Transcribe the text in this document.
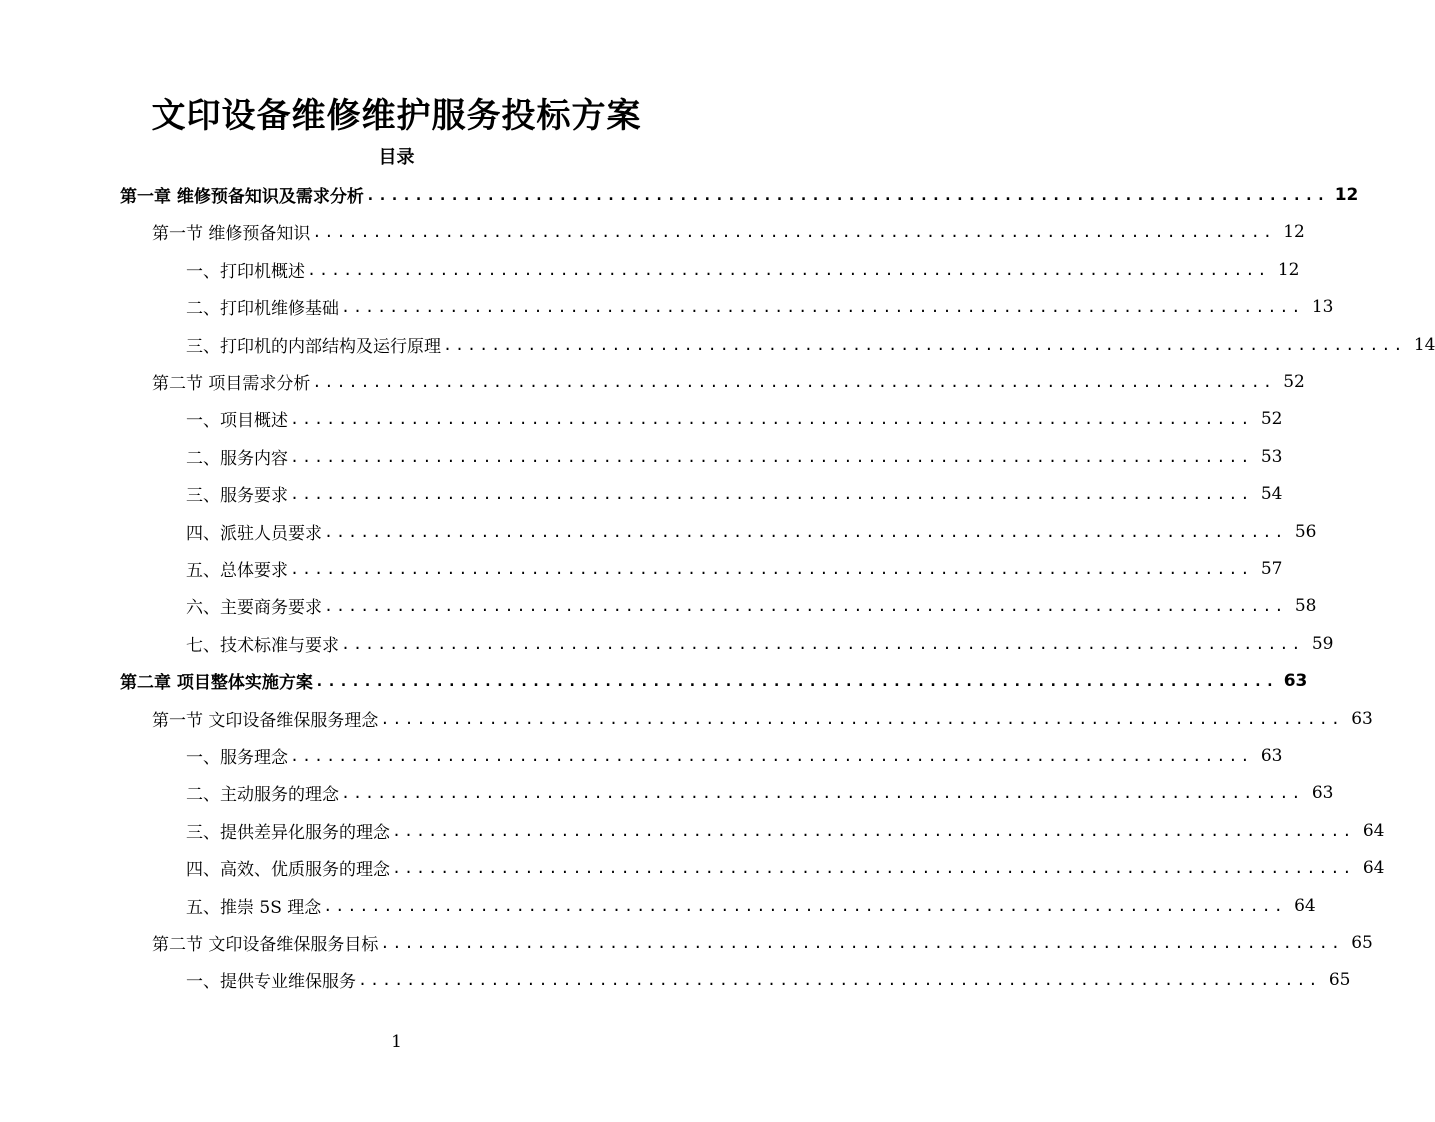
文印设备维修维护服务投标方案
目录
第一章 维修预备知识及需求分析 ................................................................................ 12
第一节 维修预备知识 ................................................................................ 12
一、打印机概述 ................................................................................ 12
二、打印机维修基础 ................................................................................ 13
三、打印机的内部结构及运行原理 ................................................................................ 14
第二节 项目需求分析 ................................................................................ 52
一、项目概述 ................................................................................ 52
二、服务内容 ................................................................................ 53
三、服务要求 ................................................................................ 54
四、派驻人员要求 ................................................................................ 56
五、总体要求 ................................................................................ 57
六、主要商务要求 ................................................................................ 58
七、技术标准与要求 ................................................................................ 59
第二章 项目整体实施方案 ................................................................................ 63
第一节 文印设备维保服务理念 ................................................................................ 63
一、服务理念 ................................................................................ 63
二、主动服务的理念 ................................................................................ 63
三、提供差异化服务的理念 ................................................................................ 64
四、高效、优质服务的理念 ................................................................................ 64
五、推崇 5S 理念 ................................................................................ 64
第二节 文印设备维保服务目标 ................................................................................ 65
一、提供专业维保服务 ................................................................................ 65
1
